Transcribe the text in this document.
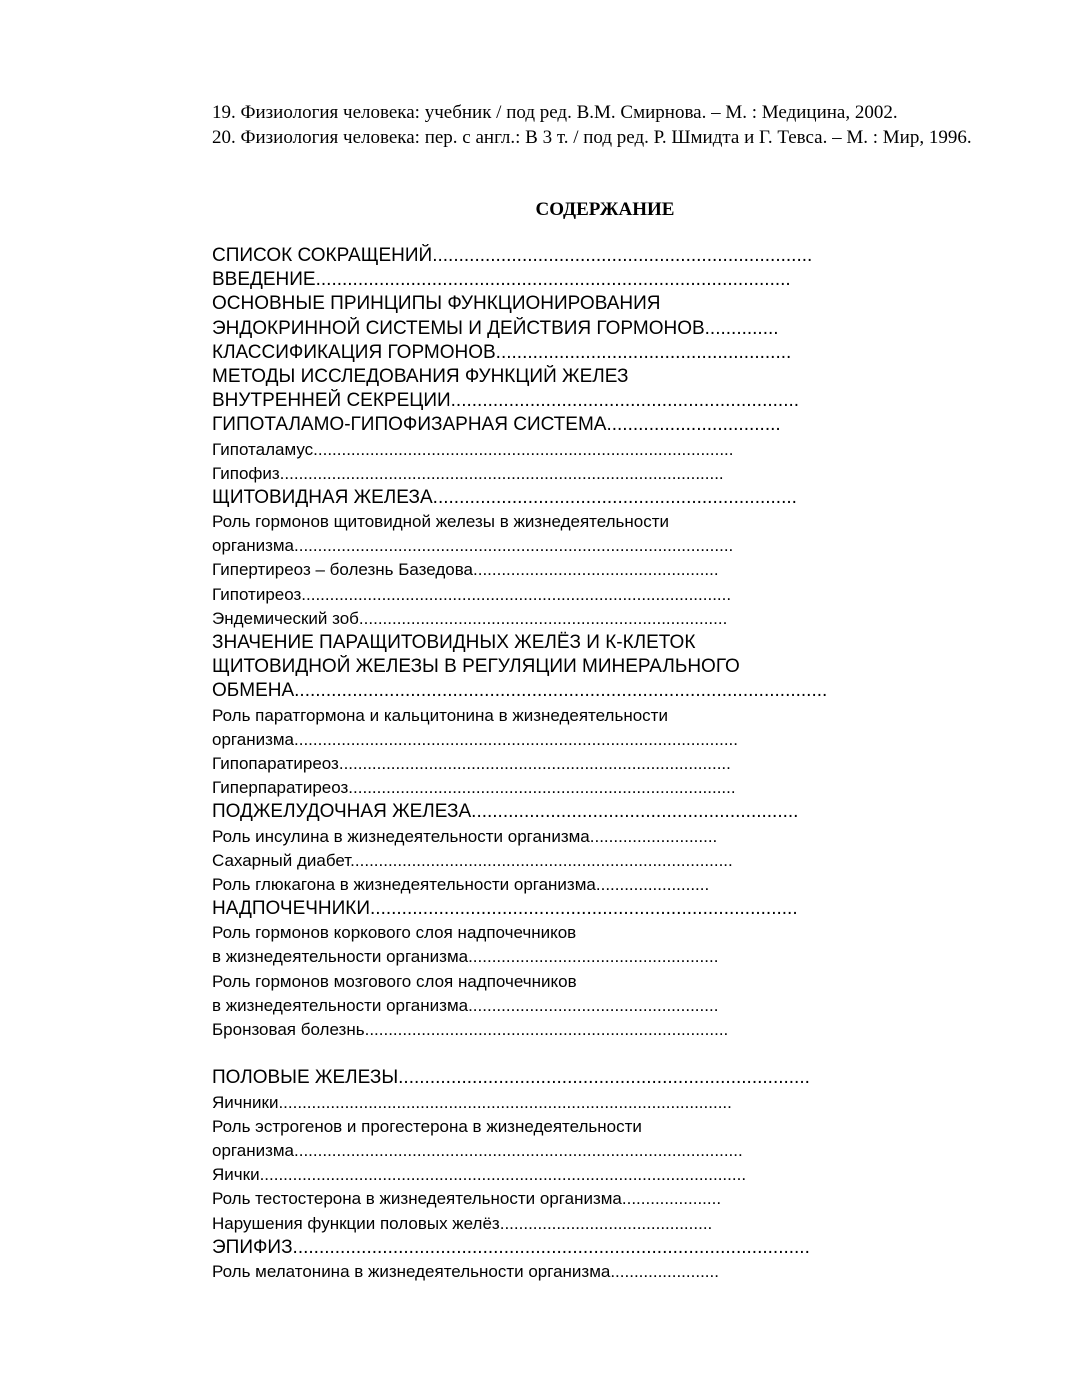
19. Физиология человека: учебник / под ред. В.М. Смирнова. – М. : Медицина, 2002.
20. Физиология человека: пер. с англ.: В 3 т. / под ред. Р. Шмидта и Г. Тевса. – М. : Мир, 1996.
СОДЕРЖАНИЕ
СПИСОК СОКРАЩЕНИЙ........................................................................
ВВЕДЕНИЕ..........................................................................................
ОСНОВНЫЕ ПРИНЦИПЫ ФУНКЦИОНИРОВАНИЯ
ЭНДОКРИННОЙ СИСТЕМЫ И ДЕЙСТВИЯ ГОРМОНОВ..............
КЛАССИФИКАЦИЯ ГОРМОНОВ........................................................
МЕТОДЫ ИССЛЕДОВАНИЯ ФУНКЦИЙ ЖЕЛЕЗ
ВНУТРЕННЕЙ СЕКРЕЦИИ..................................................................
ГИПОТАЛАМО-ГИПОФИЗАРНАЯ СИСТЕМА.................................
Гипоталамус.........................................................................................
Гипофиз..............................................................................................
ЩИТОВИДНАЯ ЖЕЛЕЗА.....................................................................
Роль гормонов щитовидной железы в жизнедеятельности
организма.............................................................................................
Гипертиреоз – болезнь Базедова....................................................
Гипотиреоз...........................................................................................
Эндемический зоб..............................................................................
ЗНАЧЕНИЕ ПАРАЩИТОВИДНЫХ ЖЕЛЁЗ И К-КЛЕТОК
ЩИТОВИДНОЙ ЖЕЛЕЗЫ В РЕГУЛЯЦИИ МИНЕРАЛЬНОГО
ОБМЕНА.....................................................................................................
Роль паратгормона и кальцитонина в жизнедеятельности
организма..............................................................................................
Гипопаратиреоз...................................................................................
Гиперпаратиреоз..................................................................................
ПОДЖЕЛУДОЧНАЯ ЖЕЛЕЗА..............................................................
Роль инсулина в жизнедеятельности организма...........................
Сахарный диабет.................................................................................
Роль глюкагона в жизнедеятельности организма........................
НАДПОЧЕЧНИКИ.................................................................................
Роль гормонов коркового слоя надпочечников
в жизнедеятельности организма.....................................................
Роль гормонов мозгового слоя надпочечников
в жизнедеятельности организма.....................................................
Бронзовая болезнь.............................................................................
ПОЛОВЫЕ ЖЕЛЕЗЫ..............................................................................
Яичники................................................................................................
Роль эстрогенов и прогестерона в жизнедеятельности
организма...............................................................................................
Яички.......................................................................................................
Роль тестостерона в жизнедеятельности организма.....................
Нарушения функции половых желёз.............................................
ЭПИФИЗ..................................................................................................
Роль мелатонина в жизнедеятельности организма.......................
